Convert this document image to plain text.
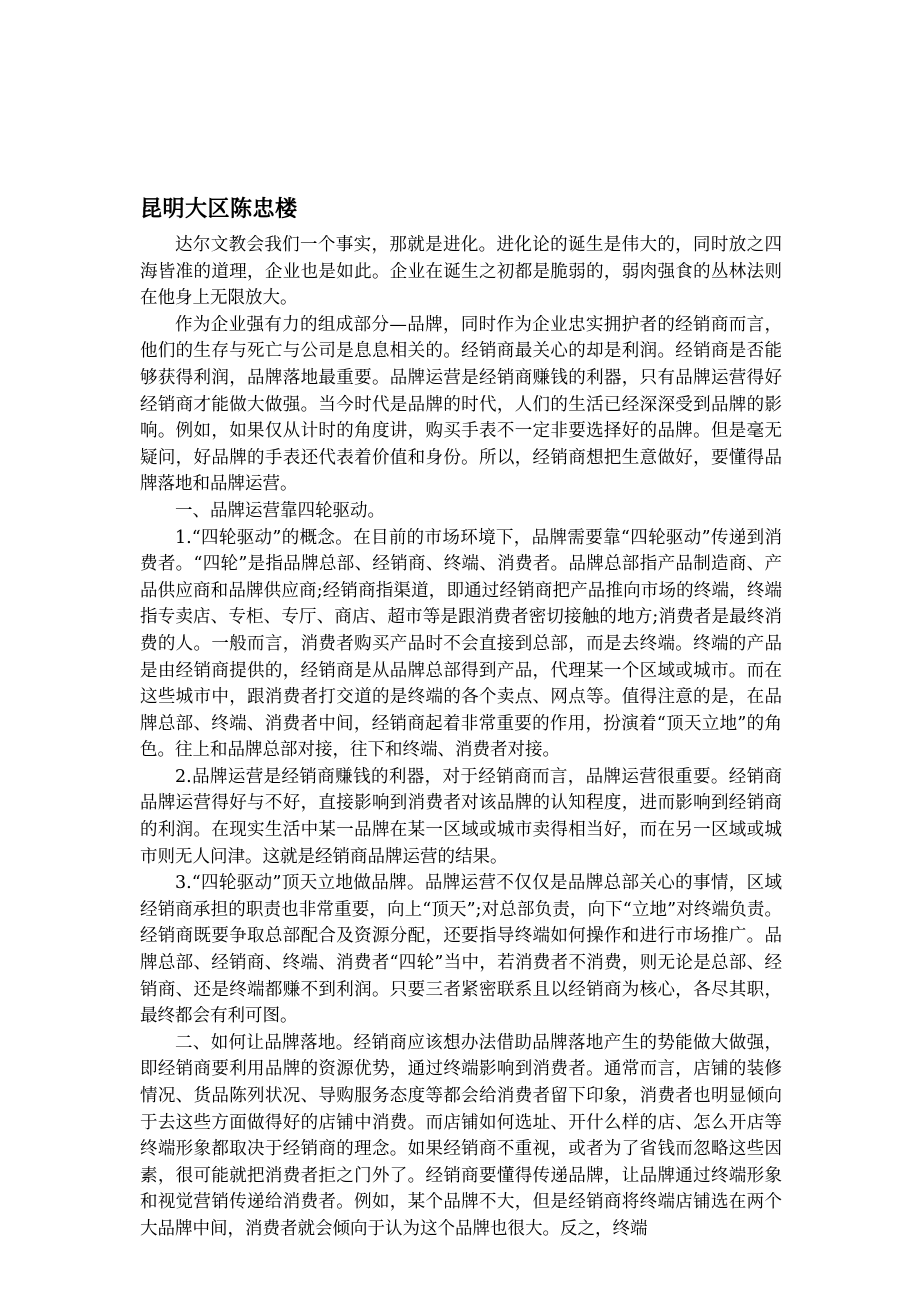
昆明大区陈忠楼

达尔文教会我们一个事实，那就是进化。进化论的诞生是伟大的，同时放之四海皆准的道理，企业也是如此。企业在诞生之初都是脆弱的，弱肉强食的丛林法则在他身上无限放大。

作为企业强有力的组成部分—品牌，同时作为企业忠实拥护者的经销商而言，他们的生存与死亡与公司是息息相关的。经销商最关心的却是利润。经销商是否能够获得利润，品牌落地最重要。品牌运营是经销商赚钱的利器，只有品牌运营得好经销商才能做大做强。当今时代是品牌的时代，人们的生活已经深深受到品牌的影响。例如，如果仅从计时的角度讲，购买手表不一定非要选择好的品牌。但是毫无疑问，好品牌的手表还代表着价值和身份。所以，经销商想把生意做好，要懂得品牌落地和品牌运营。

一、品牌运营靠四轮驱动。

1.“四轮驱动”的概念。在目前的市场环境下，品牌需要靠“四轮驱动”传递到消费者。“四轮”是指品牌总部、经销商、终端、消费者。品牌总部指产品制造商、产品供应商和品牌供应商;经销商指渠道，即通过经销商把产品推向市场的终端，终端指专卖店、专柜、专厅、商店、超市等是跟消费者密切接触的地方;消费者是最终消费的人。一般而言，消费者购买产品时不会直接到总部，而是去终端。终端的产品是由经销商提供的，经销商是从品牌总部得到产品，代理某一个区域或城市。而在这些城市中，跟消费者打交道的是终端的各个卖点、网点等。值得注意的是，在品牌总部、终端、消费者中间，经销商起着非常重要的作用，扮演着“顶天立地”的角色。往上和品牌总部对接，往下和终端、消费者对接。

2.品牌运营是经销商赚钱的利器，对于经销商而言，品牌运营很重要。经销商品牌运营得好与不好，直接影响到消费者对该品牌的认知程度，进而影响到经销商的利润。在现实生活中某一品牌在某一区域或城市卖得相当好，而在另一区域或城市则无人问津。这就是经销商品牌运营的结果。

3.“四轮驱动”顶天立地做品牌。品牌运营不仅仅是品牌总部关心的事情，区域经销商承担的职责也非常重要，向上“顶天”;对总部负责，向下“立地”对终端负责。经销商既要争取总部配合及资源分配，还要指导终端如何操作和进行市场推广。品牌总部、经销商、终端、消费者“四轮”当中，若消费者不消费，则无论是总部、经销商、还是终端都赚不到利润。只要三者紧密联系且以经销商为核心，各尽其职，最终都会有利可图。

二、如何让品牌落地。经销商应该想办法借助品牌落地产生的势能做大做强，即经销商要利用品牌的资源优势，通过终端影响到消费者。通常而言，店铺的装修情况、货品陈列状况、导购服务态度等都会给消费者留下印象，消费者也明显倾向于去这些方面做得好的店铺中消费。而店铺如何选址、开什么样的店、怎么开店等终端形象都取决于经销商的理念。如果经销商不重视，或者为了省钱而忽略这些因素，很可能就把消费者拒之门外了。经销商要懂得传递品牌，让品牌通过终端形象和视觉营销传递给消费者。例如，某个品牌不大，但是经销商将终端店铺选在两个大品牌中间，消费者就会倾向于认为这个品牌也很大。反之，终端
